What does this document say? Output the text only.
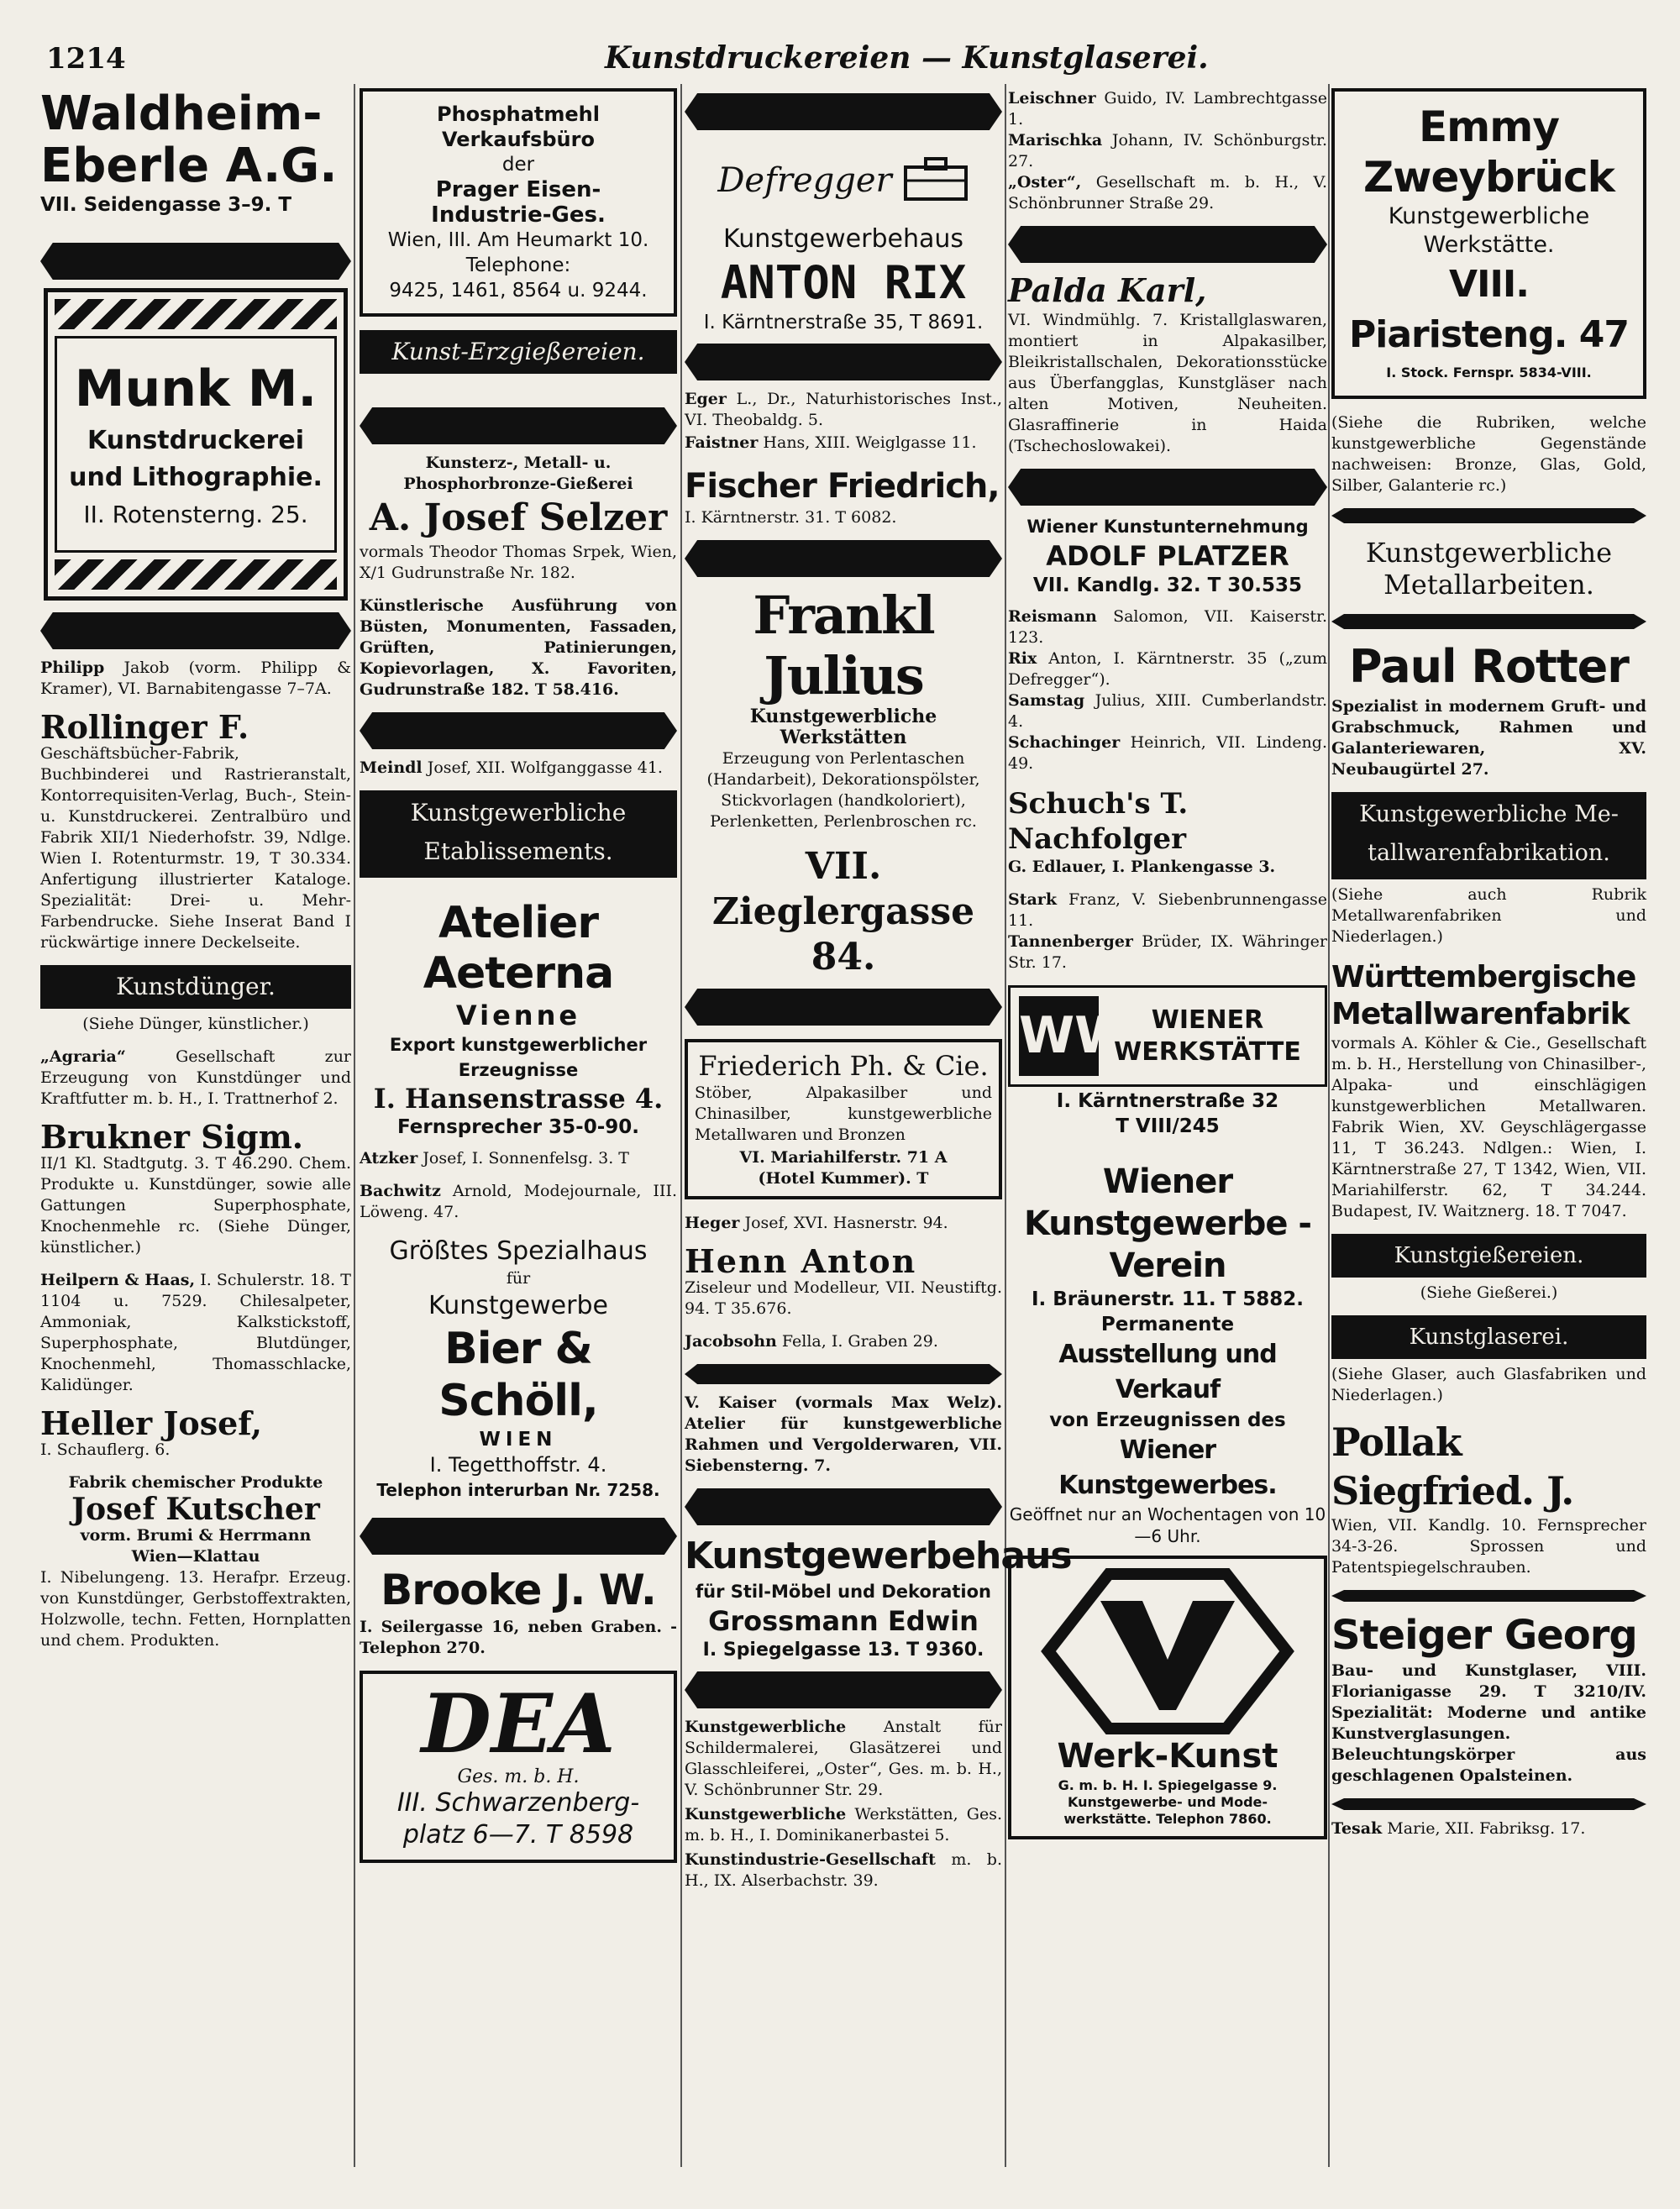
1214	Kunstdruckereien — Kunstglaserei.

Waldheim-

Eberle A.G.

VII. Seidengasse 3–9. T

Munk M.

Kunstdruckerei

und Lithographie.

II. Rotensterng. 25.

Philipp Jakob (vorm. Philipp & Kramer), VI. Barnabitengasse 7–7A.

Rollinger F.

Geschäftsbücher-Fabrik, Buchbinderei und Rastrieranstalt, Kontorrequisiten-Verlag, Buch-, Stein- u. Kunstdruckerei. Zentralbüro und Fabrik XII/1 Niederhofstr. 39, Ndlge. Wien I. Rotenturmstr. 19, T 30.334. Anfertigung illustrierter Kataloge. Spezialität: Drei- u. Mehr-Farbendrucke. Siehe Inserat Band I rückwärtige innere Deckelseite.

Kunstdünger.

(Siehe Dünger, künstlicher.)

„Agraria“	Gesellschaft zur Erzeugung von Kunstdünger und Kraftfutter m. b. H., I. Trattnerhof 2.

Brukner Sigm.

II/1 Kl. Stadtgutg. 3. T 46.290. Chem. Produkte u. Kunstdünger, sowie alle Gattungen Superphosphate, Knochenmehle rc. (Siehe Dünger, künstlicher.)

Heilpern & Haas, I. Schulerstr. 18. T 1104 u. 7529. Chilesalpeter, Ammoniak, Kalkstickstoff, Superphosphate, Blutdünger, Knochenmehl, Thomasschlacke, Kalidünger.

Heller Josef,

I. Schauflerg. 6.

Fabrik chemischer Produkte

Josef Kutscher

vorm. Brumi & Herrmann

Wien—Klattau

I. Nibelungeng. 13. Herafpr. Erzeug. von Kunstdünger, Gerbstoffextrakten, Holzwolle, techn. Fetten, Hornplatten und chem. Produkten.

Phosphatmehl

Verkaufsbüro

der

Prager Eisen-

Industrie-Ges.

Wien, III. Am Heumarkt 10.

Telephone:

9425, 1461, 8564 u. 9244.

Kunst-Erzgießereien.

Kunsterz-, Metall- u.

Phosphorbronze-Gießerei

A. Josef Selzer

vormals Theodor Thomas Srpek, Wien, X/1 Gudrunstraße Nr. 182.

Künstlerische Ausführung von Büsten, Monumenten, Fassaden, Grüften, Patinierungen, Kopievorlagen, X. Favoriten, Gudrunstraße 182. T 58.416.

Meindl Josef, XII. Wolfganggasse 41.

Kunstgewerbliche

Etablissements.

Atelier Aeterna

Vienne

Export kunstgewerblicher

Erzeugnisse

I. Hansenstrasse 4.

Fernsprecher 35-0-90.

Atzker Josef, I. Sonnenfelsg. 3. T

Bachwitz Arnold, Modejournale, III. Löweng. 47.

Größtes Spezialhaus

für

Kunstgewerbe

Bier & Schöll,

WIEN

I. Tegetthoffstr. 4.

Telephon interurban Nr. 7258.

Brooke J. W.

I. Seilergasse 16, neben Graben. - Telephon 270.

DEA

Ges. m. b. H.

III. Schwarzenberg-

platz 6—7. T 8598

Defregger

Kunstgewerbehaus

ANTON RIX

I. Kärntnerstraße 35, T 8691.

Eger L., Dr., Naturhistorisches Inst., VI. Theobaldg. 5.

Faistner Hans, XIII. Weiglgasse 11.

Fischer Friedrich,

I. Kärntnerstr. 31. T 6082.

Frankl Julius

Kunstgewerbliche

Werkstätten

Erzeugung von Perlentaschen (Handarbeit), Dekorationspölster, Stickvorlagen (handkoloriert), Perlenketten, Perlenbroschen rc.

VII. Zieglergasse 84.

Friederich Ph. & Cie.

Stöber, Alpakasilber und Chinasilber, kunstgewerbliche Metallwaren und Bronzen

VI. Mariahilferstr. 71 A

(Hotel Kummer). T

Heger Josef, XVI. Hasnerstr. 94.

Henn Anton

Ziseleur und Modelleur, VII. Neustiftg. 94. T 35.676.

Jacobsohn Fella, I. Graben 29.

V. Kaiser (vormals Max Welz). Atelier für kunstgewerbliche Rahmen und Vergolderwaren, VII. Siebensterng. 7.

Kunstgewerbehaus

für Stil-Möbel und Dekoration

Grossmann Edwin

I. Spiegelgasse 13. T 9360.

Kunstgewerbliche Anstalt für Schildermalerei, Glasätzerei und Glasschleiferei, „Oster“, Ges. m. b. H., V. Schönbrunner Str. 29.

Kunstgewerbliche Werkstätten, Ges. m. b. H., I. Dominikanerbastei 5.

Kunstindustrie-Gesellschaft m. b. H., IX. Alserbachstr. 39.

Leischner Guido, IV. Lambrechtgasse 1.

Marischka Johann, IV. Schönburgstr. 27.

„Oster“, Gesellschaft m. b. H., V. Schönbrunner Straße 29.

Palda Karl,

VI. Windmühlg. 7. Kristallglaswaren, montiert in Alpakasilber, Bleikristallschalen, Dekorationsstücke aus Überfangglas, Kunstgläser nach alten Motiven, Neuheiten. Glasraffinerie in Haida (Tschechoslowakei).

Wiener Kunstunternehmung

ADOLF PLATZER

VII. Kandlg. 32. T 30.535

Reismann Salomon, VII. Kaiserstr. 123.

Rix Anton, I. Kärntnerstr. 35 („zum Defregger“).

Samstag Julius, XIII. Cumberlandstr. 4.

Schachinger Heinrich, VII. Lindeng. 49.

Schuch's T. Nachfolger

G. Edlauer, I. Plankengasse 3.

Stark Franz, V. Siebenbrunnengasse 11.

Tannenberger Brüder, IX. Währinger Str. 17.

WW WIENER

WERKSTÄTTE

I. Kärntnerstraße 32

T VIII/245

Wiener

Kunstgewerbe - Verein

I. Bräunerstr. 11. T 5882.

Permanente

Ausstellung und Verkauf

von Erzeugnissen des

Wiener Kunstgewerbes.

Geöffnet nur an Wochentagen von 10—6 Uhr.

Werk-Kunst

G. m. b. H. I. Spiegelgasse 9.

Kunstgewerbe- und Mode-

werkstätte. Telephon 7860.

Emmy Zweybrück

Kunstgewerbliche

Werkstätte.

VIII. Piaristeng. 47

I. Stock. Fernspr. 5834-VIII.

(Siehe die Rubriken, welche kunstgewerbliche Gegenstände nachweisen: Bronze, Glas, Gold, Silber, Galanterie rc.)

Kunstgewerbliche

Metallarbeiten.

Paul Rotter

Spezialist in modernem Gruft- und Grabschmuck, Rahmen und Galanteriewaren, XV. Neubaugürtel 27.

Kunstgewerbliche Me-

tallwarenfabrikation.

(Siehe auch Rubrik Metallwarenfabriken und Niederlagen.)

Württembergische

Metallwarenfabrik

vormals A. Köhler & Cie., Gesellschaft m. b. H., Herstellung von Chinasilber-, Alpaka- und einschlägigen kunstgewerblichen Metallwaren. Fabrik Wien, XV. Geyschlägergasse 11, T 36.243. Ndlgen.: Wien, I. Kärntnerstraße 27, T 1342, Wien, VII. Mariahilferstr. 62, T 34.244. Budapest, IV. Waitznerg. 18. T 7047.

Kunstgießereien.

(Siehe Gießerei.)

Kunstglaserei.

(Siehe Glaser, auch Glasfabriken und Niederlagen.)

Pollak Siegfried. J.

Wien, VII. Kandlg. 10. Fernsprecher 34-3-26. Sprossen und Patentspiegelschrauben.

Steiger Georg

Bau- und Kunstglaser, VIII. Florianigasse 29. T 3210/IV. Spezialität: Moderne und antike Kunstverglasungen. Beleuchtungskörper aus geschlagenen Opalsteinen.

Tesak Marie, XII. Fabriksg. 17.
